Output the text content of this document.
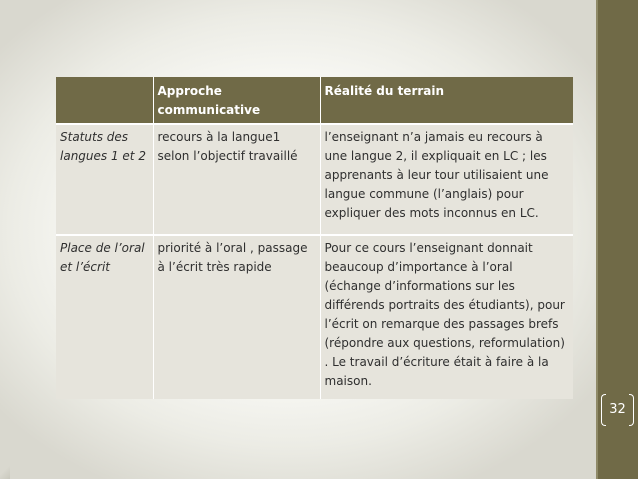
	Approche communicative	Réalité du terrain
Statuts des langues 1 et 2	recours à la langue1 selon l’objectif travaillé	l’enseignant n’a jamais eu recours à une langue 2, il expliquait en LC ; les apprenants à leur tour utilisaient une langue commune (l’anglais) pour expliquer des mots inconnus en LC.
Place de l’oral et l’écrit	priorité à l’oral , passage à l’écrit très rapide	Pour ce cours l’enseignant donnait beaucoup d’importance à l’oral (échange d’informations sur les différends portraits des étudiants), pour l’écrit on remarque des passages brefs (répondre aux questions, reformulation) . Le travail d’écriture était à faire à la maison.
32
